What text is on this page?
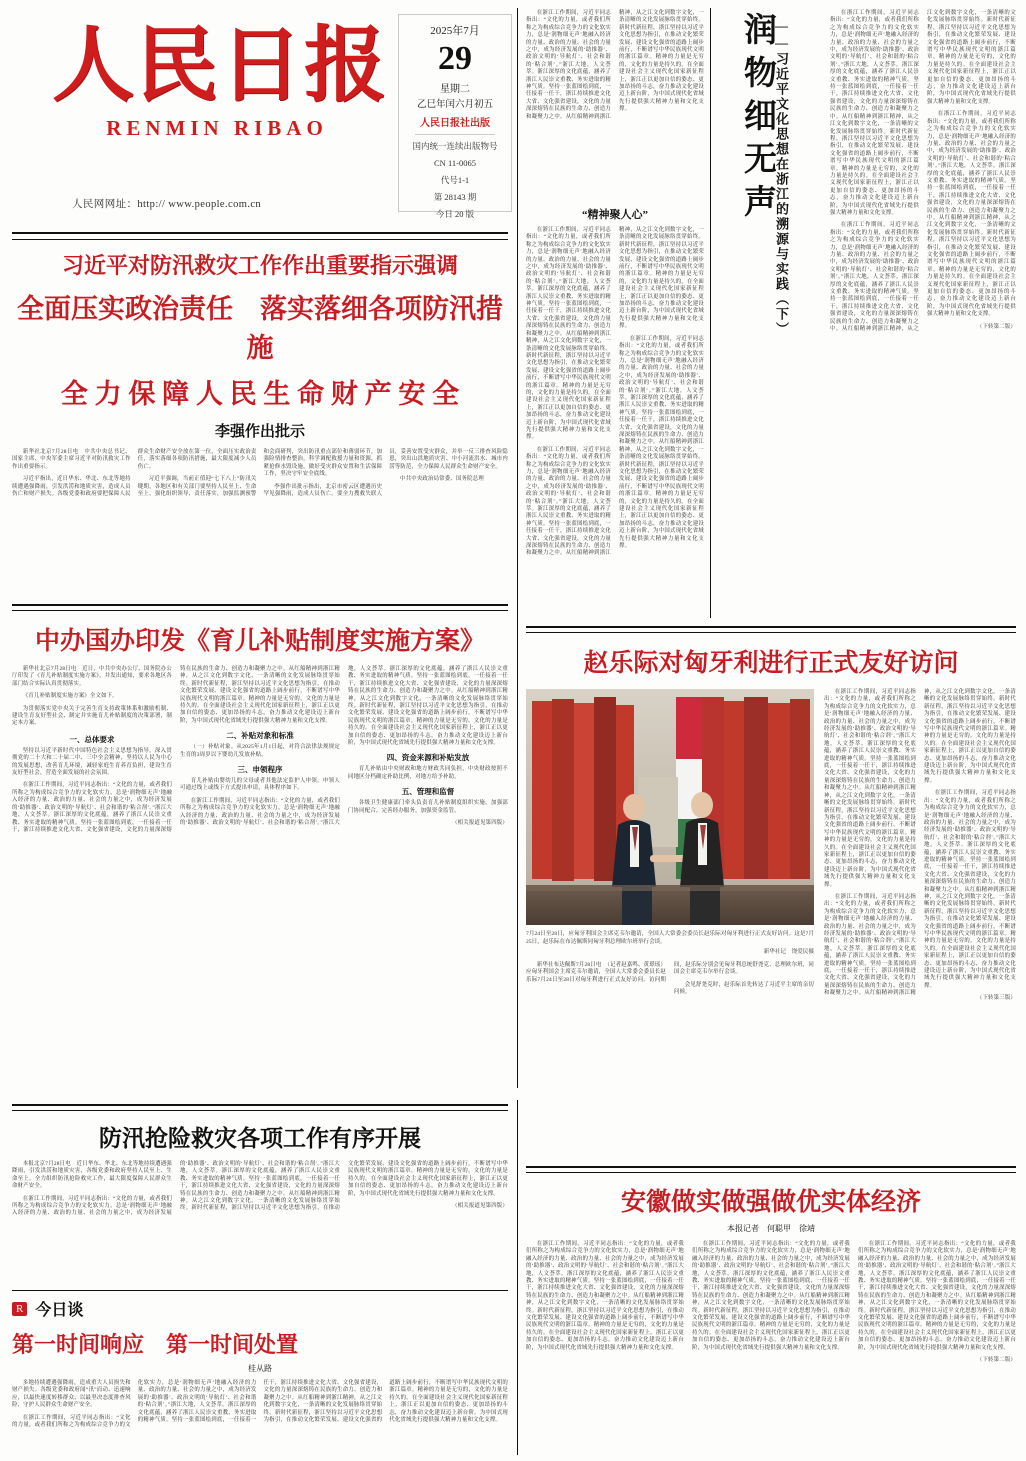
人民日报
RENMIN RIBAO
人民网网址：http:// www.people.com.cn
2025年7月
29
星期二
乙巳年闰六月初五
人民日报社出版
国内统一连续出版物号
CN 11-0065
代号1-1
第 28143 期
今日 20 版
习近平对防汛救灾工作作出重要指示强调
全面压实政治责任　落实落细各项防汛措施
全 力 保 障 人 民 生 命 财 产 安 全
李强作出批示

新华社北京7月28日电　中共中央总书记、国家主席、中央军委主席习近平对防汛救灾工作作出重要指示。

习近平指出，近日华东、华北、东北等地持续遭遇强降雨，引发洪涝和地质灾害，造成人员伤亡和财产损失。各级党委和政府要把保障人民群众生命财产安全放在第一位，全面压实政治责任，落实落细各项防汛措施，最大限度减少人员伤亡。

习近平强调，当前正值迎“七下八上”防汛关键期，各地区和有关部门要坚持人民至上、生命至上，强化组织领导、责任落实，加强监测预警和会商研判，突出防汛重点部位和薄弱环节，加强险情排查整治，科学调配救援力量和资源，抓紧抢修水毁设施，做好受灾群众安置和生活保障工作，坚决守牢安全底线。

李强作出批示指出，北京市密云区遭遇历史罕见强降雨，造成人员伤亡。要全力搜救失联人员，妥善安置受灾群众，并举一反三排查风险隐患，突出山洪地质灾害、中小河流洪水、城市内涝等防范，全力保障人民群众生命财产安全。

中共中央政治局常委、国务院总理

中办国办印发《育儿补贴制度实施方案》

新华社北京7月28日电　近日，中共中央办公厅、国务院办公厅印发了《育儿补贴制度实施方案》，并发出通知，要求各地区各部门结合实际认真贯彻落实。

《育儿补贴制度实施方案》全文如下。

为贯彻落实党中央关于完善生育支持政策体系和激励机制、建设生育友好型社会、制定并实施育儿补贴制度的决策部署，制定本方案。

一、总体要求

坚持以习近平新时代中国特色社会主义思想为指导，深入贯彻党的二十大和二十届二中、三中全会精神，坚持以人民为中心的发展思想，改善育儿环境，减轻家庭生育养育负担，建设生育友好型社会，营造全面发展的社会氛围。

在浙江工作期间，习近平同志指出：“文化的力量，或者我们所称之为构成综合竞争力的文化软实力，总是‘润物细无声’地融入经济的力量、政治的力量、社会的力量之中，成为经济发展的‘助推器’、政治文明的‘导航灯’、社会和谐的‘粘合剂’。”浙江大地，人文荟萃。浙江深厚的文化底蕴，涵养了浙江人民崇文重教、务实进取的精神气质。坚持一张蓝图绘到底，一任接着一任干，浙江持续推进文化大省、文化强省建设，文化的力量深深熔铸在民族的生命力、创造力和凝聚力之中。从红船精神到浙江精神，从之江文化到数字文化，一条清晰的文化发展脉络贯穿始终。新时代新征程，浙江坚持以习近平文化思想为指引，在推动文化繁荣发展、建设文化强省的道路上阔步前行，不断谱写中华民族现代文明的浙江篇章。精神的力量是无穷的，文化的力量是持久的。在全面建设社会主义现代化国家新征程上，浙江正以更加自信的姿态、更加昂扬的斗志，奋力推动文化建设迈上新台阶，为中国式现代化省域先行提供强大精神力量和文化支撑。

二、补贴对象和标准

（一）补贴对象。从2025年1月1日起，对符合法律法规规定生育的3周岁以下婴幼儿发放补贴。

三、申领程序

育儿补贴由婴幼儿的父母或者其他法定监护人申领。申领人可通过线上或线下方式提出申请，具体程序如下。

在浙江工作期间，习近平同志指出：“文化的力量，或者我们所称之为构成综合竞争力的文化软实力，总是‘润物细无声’地融入经济的力量、政治的力量、社会的力量之中，成为经济发展的‘助推器’、政治文明的‘导航灯’、社会和谐的‘粘合剂’。”浙江大地，人文荟萃。浙江深厚的文化底蕴，涵养了浙江人民崇文重教、务实进取的精神气质。坚持一张蓝图绘到底，一任接着一任干，浙江持续推进文化大省、文化强省建设，文化的力量深深熔铸在民族的生命力、创造力和凝聚力之中。从红船精神到浙江精神，从之江文化到数字文化，一条清晰的文化发展脉络贯穿始终。新时代新征程，浙江坚持以习近平文化思想为指引，在推动文化繁荣发展、建设文化强省的道路上阔步前行，不断谱写中华民族现代文明的浙江篇章。精神的力量是无穷的，文化的力量是持久的。在全面建设社会主义现代化国家新征程上，浙江正以更加自信的姿态、更加昂扬的斗志，奋力推动文化建设迈上新台阶，为中国式现代化省域先行提供强大精神力量和文化支撑。

四、资金来源和补贴发放

育儿补贴由中央财政和地方财政共同负担，中央财政按照不同地区分档确定补助比例，对地方给予补助。

五、管理和监督

各级卫生健康部门牵头负责育儿补贴制度组织实施，加强部门协同配合，完善经办服务，加强资金监管。

（相关报道见第四版）

防汛抢险救灾各项工作有序开展

本报北京7月28日电　近日华东、华北、东北等地持续遭遇强降雨，引发洪涝和地质灾害，各级党委和政府坚持人民至上、生命至上，全力组织防汛抢险救灾工作，最大限度保障人民群众生命财产安全。

在浙江工作期间，习近平同志指出：“文化的力量，或者我们所称之为构成综合竞争力的文化软实力，总是‘润物细无声’地融入经济的力量、政治的力量、社会的力量之中，成为经济发展的‘助推器’、政治文明的‘导航灯’、社会和谐的‘粘合剂’。”浙江大地，人文荟萃。浙江深厚的文化底蕴，涵养了浙江人民崇文重教、务实进取的精神气质。坚持一张蓝图绘到底，一任接着一任干，浙江持续推进文化大省、文化强省建设，文化的力量深深熔铸在民族的生命力、创造力和凝聚力之中。从红船精神到浙江精神，从之江文化到数字文化，一条清晰的文化发展脉络贯穿始终。新时代新征程，浙江坚持以习近平文化思想为指引，在推动文化繁荣发展、建设文化强省的道路上阔步前行，不断谱写中华民族现代文明的浙江篇章。精神的力量是无穷的，文化的力量是持久的。在全面建设社会主义现代化国家新征程上，浙江正以更加自信的姿态、更加昂扬的斗志，奋力推动文化建设迈上新台阶，为中国式现代化省域先行提供强大精神力量和文化支撑。

（相关报道见第四版）

R 今日谈
第一时间响应　第一时间处置
桂从路

多地持续遭遇强降雨，造成重大人员损失和财产损失。各级党委和政府闻“汛”而动、迅速响应，以最快速度转移群众、以最坚决态度排查风险，守护人民群众生命财产安全。

在浙江工作期间，习近平同志指出：“文化的力量，或者我们所称之为构成综合竞争力的文化软实力，总是‘润物细无声’地融入经济的力量、政治的力量、社会的力量之中，成为经济发展的‘助推器’、政治文明的‘导航灯’、社会和谐的‘粘合剂’。”浙江大地，人文荟萃。浙江深厚的文化底蕴，涵养了浙江人民崇文重教、务实进取的精神气质。坚持一张蓝图绘到底，一任接着一任干，浙江持续推进文化大省、文化强省建设，文化的力量深深熔铸在民族的生命力、创造力和凝聚力之中。从红船精神到浙江精神，从之江文化到数字文化，一条清晰的文化发展脉络贯穿始终。新时代新征程，浙江坚持以习近平文化思想为指引，在推动文化繁荣发展、建设文化强省的道路上阔步前行，不断谱写中华民族现代文明的浙江篇章。精神的力量是无穷的，文化的力量是持久的。在全面建设社会主义现代化国家新征程上，浙江正以更加自信的姿态、更加昂扬的斗志，奋力推动文化建设迈上新台阶，为中国式现代化省域先行提供强大精神力量和文化支撑。

在浙江工作期间，习近平同志指出：“文化的力量，或者我们所称之为构成综合竞争力的文化软实力，总是‘润物细无声’地融入经济的力量、政治的力量、社会的力量之中，成为经济发展的‘助推器’、政治文明的‘导航灯’、社会和谐的‘粘合剂’。”浙江大地，人文荟萃。浙江深厚的文化底蕴，涵养了浙江人民崇文重教、务实进取的精神气质。坚持一张蓝图绘到底，一任接着一任干，浙江持续推进文化大省、文化强省建设，文化的力量深深熔铸在民族的生命力、创造力和凝聚力之中。从红船精神到浙江精神，从之江文化到数字文化，一条清晰的文化发展脉络贯穿始终。新时代新征程，浙江坚持以习近平文化思想为指引，在推动文化繁荣发展、建设文化强省的道路上阔步前行，不断谱写中华民族现代文明的浙江篇章。精神的力量是无穷的，文化的力量是持久的。在全面建设社会主义现代化国家新征程上，浙江正以更加自信的姿态、更加昂扬的斗志，奋力推动文化建设迈上新台阶，为中国式现代化省域先行提供强大精神力量和文化支撑。

“精神聚人心”

在浙江工作期间，习近平同志指出：“文化的力量，或者我们所称之为构成综合竞争力的文化软实力，总是‘润物细无声’地融入经济的力量、政治的力量、社会的力量之中，成为经济发展的‘助推器’、政治文明的‘导航灯’、社会和谐的‘粘合剂’。”浙江大地，人文荟萃。浙江深厚的文化底蕴，涵养了浙江人民崇文重教、务实进取的精神气质。坚持一张蓝图绘到底，一任接着一任干，浙江持续推进文化大省、文化强省建设，文化的力量深深熔铸在民族的生命力、创造力和凝聚力之中。从红船精神到浙江精神，从之江文化到数字文化，一条清晰的文化发展脉络贯穿始终。新时代新征程，浙江坚持以习近平文化思想为指引，在推动文化繁荣发展、建设文化强省的道路上阔步前行，不断谱写中华民族现代文明的浙江篇章。精神的力量是无穷的，文化的力量是持久的。在全面建设社会主义现代化国家新征程上，浙江正以更加自信的姿态、更加昂扬的斗志，奋力推动文化建设迈上新台阶，为中国式现代化省域先行提供强大精神力量和文化支撑。

在浙江工作期间，习近平同志指出：“文化的力量，或者我们所称之为构成综合竞争力的文化软实力，总是‘润物细无声’地融入经济的力量、政治的力量、社会的力量之中，成为经济发展的‘助推器’、政治文明的‘导航灯’、社会和谐的‘粘合剂’。”浙江大地，人文荟萃。浙江深厚的文化底蕴，涵养了浙江人民崇文重教、务实进取的精神气质。坚持一张蓝图绘到底，一任接着一任干，浙江持续推进文化大省、文化强省建设，文化的力量深深熔铸在民族的生命力、创造力和凝聚力之中。从红船精神到浙江精神，从之江文化到数字文化，一条清晰的文化发展脉络贯穿始终。新时代新征程，浙江坚持以习近平文化思想为指引，在推动文化繁荣发展、建设文化强省的道路上阔步前行，不断谱写中华民族现代文明的浙江篇章。精神的力量是无穷的，文化的力量是持久的。在全面建设社会主义现代化国家新征程上，浙江正以更加自信的姿态、更加昂扬的斗志，奋力推动文化建设迈上新台阶，为中国式现代化省域先行提供强大精神力量和文化支撑。

在浙江工作期间，习近平同志指出：“文化的力量，或者我们所称之为构成综合竞争力的文化软实力，总是‘润物细无声’地融入经济的力量、政治的力量、社会的力量之中，成为经济发展的‘助推器’、政治文明的‘导航灯’、社会和谐的‘粘合剂’。”浙江大地，人文荟萃。浙江深厚的文化底蕴，涵养了浙江人民崇文重教、务实进取的精神气质。坚持一张蓝图绘到底，一任接着一任干，浙江持续推进文化大省、文化强省建设，文化的力量深深熔铸在民族的生命力、创造力和凝聚力之中。从红船精神到浙江精神，从之江文化到数字文化，一条清晰的文化发展脉络贯穿始终。新时代新征程，浙江坚持以习近平文化思想为指引，在推动文化繁荣发展、建设文化强省的道路上阔步前行，不断谱写中华民族现代文明的浙江篇章。精神的力量是无穷的，文化的力量是持久的。在全面建设社会主义现代化国家新征程上，浙江正以更加自信的姿态、更加昂扬的斗志，奋力推动文化建设迈上新台阶，为中国式现代化省域先行提供强大精神力量和文化支撑。

润物细无声 ——习近平文化思想在浙江的溯源与实践（下）

在浙江工作期间，习近平同志指出：“文化的力量，或者我们所称之为构成综合竞争力的文化软实力，总是‘润物细无声’地融入经济的力量、政治的力量、社会的力量之中，成为经济发展的‘助推器’、政治文明的‘导航灯’、社会和谐的‘粘合剂’。”浙江大地，人文荟萃。浙江深厚的文化底蕴，涵养了浙江人民崇文重教、务实进取的精神气质。坚持一张蓝图绘到底，一任接着一任干，浙江持续推进文化大省、文化强省建设，文化的力量深深熔铸在民族的生命力、创造力和凝聚力之中。从红船精神到浙江精神，从之江文化到数字文化，一条清晰的文化发展脉络贯穿始终。新时代新征程，浙江坚持以习近平文化思想为指引，在推动文化繁荣发展、建设文化强省的道路上阔步前行，不断谱写中华民族现代文明的浙江篇章。精神的力量是无穷的，文化的力量是持久的。在全面建设社会主义现代化国家新征程上，浙江正以更加自信的姿态、更加昂扬的斗志，奋力推动文化建设迈上新台阶，为中国式现代化省域先行提供强大精神力量和文化支撑。

在浙江工作期间，习近平同志指出：“文化的力量，或者我们所称之为构成综合竞争力的文化软实力，总是‘润物细无声’地融入经济的力量、政治的力量、社会的力量之中，成为经济发展的‘助推器’、政治文明的‘导航灯’、社会和谐的‘粘合剂’。”浙江大地，人文荟萃。浙江深厚的文化底蕴，涵养了浙江人民崇文重教、务实进取的精神气质。坚持一张蓝图绘到底，一任接着一任干，浙江持续推进文化大省、文化强省建设，文化的力量深深熔铸在民族的生命力、创造力和凝聚力之中。从红船精神到浙江精神，从之江文化到数字文化，一条清晰的文化发展脉络贯穿始终。新时代新征程，浙江坚持以习近平文化思想为指引，在推动文化繁荣发展、建设文化强省的道路上阔步前行，不断谱写中华民族现代文明的浙江篇章。精神的力量是无穷的，文化的力量是持久的。在全面建设社会主义现代化国家新征程上，浙江正以更加自信的姿态、更加昂扬的斗志，奋力推动文化建设迈上新台阶，为中国式现代化省域先行提供强大精神力量和文化支撑。

在浙江工作期间，习近平同志指出：“文化的力量，或者我们所称之为构成综合竞争力的文化软实力，总是‘润物细无声’地融入经济的力量、政治的力量、社会的力量之中，成为经济发展的‘助推器’、政治文明的‘导航灯’、社会和谐的‘粘合剂’。”浙江大地，人文荟萃。浙江深厚的文化底蕴，涵养了浙江人民崇文重教、务实进取的精神气质。坚持一张蓝图绘到底，一任接着一任干，浙江持续推进文化大省、文化强省建设，文化的力量深深熔铸在民族的生命力、创造力和凝聚力之中。从红船精神到浙江精神，从之江文化到数字文化，一条清晰的文化发展脉络贯穿始终。新时代新征程，浙江坚持以习近平文化思想为指引，在推动文化繁荣发展、建设文化强省的道路上阔步前行，不断谱写中华民族现代文明的浙江篇章。精神的力量是无穷的，文化的力量是持久的。在全面建设社会主义现代化国家新征程上，浙江正以更加自信的姿态、更加昂扬的斗志，奋力推动文化建设迈上新台阶，为中国式现代化省域先行提供强大精神力量和文化支撑。

（下转第二版）

赵乐际对匈牙利进行正式友好访问
7月24日至28日，应匈牙利国会主席克韦尔邀请，全国人大常委会委员长赵乐际对匈牙利进行正式友好访问。这是7月25日，赵乐际在布达佩斯同匈牙利总理欧尔班举行会谈。
新华社记　饶爱民摄

新华社布达佩斯7月28日电　（记者赵嘉鸣、黄璟瑶）应匈牙利国会主席克韦尔邀请，全国人大常委会委员长赵乐际7月24日至28日对匈牙利进行正式友好访问。访问期间，赵乐际分别会见匈牙利总统舒尧克、总理欧尔班，同国会主席克韦尔举行会谈。

会见舒尧克时，赵乐际首先转达了习近平主席的亲切问候。

在浙江工作期间，习近平同志指出：“文化的力量，或者我们所称之为构成综合竞争力的文化软实力，总是‘润物细无声’地融入经济的力量、政治的力量、社会的力量之中，成为经济发展的‘助推器’、政治文明的‘导航灯’、社会和谐的‘粘合剂’。”浙江大地，人文荟萃。浙江深厚的文化底蕴，涵养了浙江人民崇文重教、务实进取的精神气质。坚持一张蓝图绘到底，一任接着一任干，浙江持续推进文化大省、文化强省建设，文化的力量深深熔铸在民族的生命力、创造力和凝聚力之中。从红船精神到浙江精神，从之江文化到数字文化，一条清晰的文化发展脉络贯穿始终。新时代新征程，浙江坚持以习近平文化思想为指引，在推动文化繁荣发展、建设文化强省的道路上阔步前行，不断谱写中华民族现代文明的浙江篇章。精神的力量是无穷的，文化的力量是持久的。在全面建设社会主义现代化国家新征程上，浙江正以更加自信的姿态、更加昂扬的斗志，奋力推动文化建设迈上新台阶，为中国式现代化省域先行提供强大精神力量和文化支撑。

在浙江工作期间，习近平同志指出：“文化的力量，或者我们所称之为构成综合竞争力的文化软实力，总是‘润物细无声’地融入经济的力量、政治的力量、社会的力量之中，成为经济发展的‘助推器’、政治文明的‘导航灯’、社会和谐的‘粘合剂’。”浙江大地，人文荟萃。浙江深厚的文化底蕴，涵养了浙江人民崇文重教、务实进取的精神气质。坚持一张蓝图绘到底，一任接着一任干，浙江持续推进文化大省、文化强省建设，文化的力量深深熔铸在民族的生命力、创造力和凝聚力之中。从红船精神到浙江精神，从之江文化到数字文化，一条清晰的文化发展脉络贯穿始终。新时代新征程，浙江坚持以习近平文化思想为指引，在推动文化繁荣发展、建设文化强省的道路上阔步前行，不断谱写中华民族现代文明的浙江篇章。精神的力量是无穷的，文化的力量是持久的。在全面建设社会主义现代化国家新征程上，浙江正以更加自信的姿态、更加昂扬的斗志，奋力推动文化建设迈上新台阶，为中国式现代化省域先行提供强大精神力量和文化支撑。

在浙江工作期间，习近平同志指出：“文化的力量，或者我们所称之为构成综合竞争力的文化软实力，总是‘润物细无声’地融入经济的力量、政治的力量、社会的力量之中，成为经济发展的‘助推器’、政治文明的‘导航灯’、社会和谐的‘粘合剂’。”浙江大地，人文荟萃。浙江深厚的文化底蕴，涵养了浙江人民崇文重教、务实进取的精神气质。坚持一张蓝图绘到底，一任接着一任干，浙江持续推进文化大省、文化强省建设，文化的力量深深熔铸在民族的生命力、创造力和凝聚力之中。从红船精神到浙江精神，从之江文化到数字文化，一条清晰的文化发展脉络贯穿始终。新时代新征程，浙江坚持以习近平文化思想为指引，在推动文化繁荣发展、建设文化强省的道路上阔步前行，不断谱写中华民族现代文明的浙江篇章。精神的力量是无穷的，文化的力量是持久的。在全面建设社会主义现代化国家新征程上，浙江正以更加自信的姿态、更加昂扬的斗志，奋力推动文化建设迈上新台阶，为中国式现代化省域先行提供强大精神力量和文化支撑。

（下转第三版）

安徽做实做强做优实体经济
本报记者　何聪甲　徐靖

在浙江工作期间，习近平同志指出：“文化的力量，或者我们所称之为构成综合竞争力的文化软实力，总是‘润物细无声’地融入经济的力量、政治的力量、社会的力量之中，成为经济发展的‘助推器’、政治文明的‘导航灯’、社会和谐的‘粘合剂’。”浙江大地，人文荟萃。浙江深厚的文化底蕴，涵养了浙江人民崇文重教、务实进取的精神气质。坚持一张蓝图绘到底，一任接着一任干，浙江持续推进文化大省、文化强省建设，文化的力量深深熔铸在民族的生命力、创造力和凝聚力之中。从红船精神到浙江精神，从之江文化到数字文化，一条清晰的文化发展脉络贯穿始终。新时代新征程，浙江坚持以习近平文化思想为指引，在推动文化繁荣发展、建设文化强省的道路上阔步前行，不断谱写中华民族现代文明的浙江篇章。精神的力量是无穷的，文化的力量是持久的。在全面建设社会主义现代化国家新征程上，浙江正以更加自信的姿态、更加昂扬的斗志，奋力推动文化建设迈上新台阶，为中国式现代化省域先行提供强大精神力量和文化支撑。

在浙江工作期间，习近平同志指出：“文化的力量，或者我们所称之为构成综合竞争力的文化软实力，总是‘润物细无声’地融入经济的力量、政治的力量、社会的力量之中，成为经济发展的‘助推器’、政治文明的‘导航灯’、社会和谐的‘粘合剂’。”浙江大地，人文荟萃。浙江深厚的文化底蕴，涵养了浙江人民崇文重教、务实进取的精神气质。坚持一张蓝图绘到底，一任接着一任干，浙江持续推进文化大省、文化强省建设，文化的力量深深熔铸在民族的生命力、创造力和凝聚力之中。从红船精神到浙江精神，从之江文化到数字文化，一条清晰的文化发展脉络贯穿始终。新时代新征程，浙江坚持以习近平文化思想为指引，在推动文化繁荣发展、建设文化强省的道路上阔步前行，不断谱写中华民族现代文明的浙江篇章。精神的力量是无穷的，文化的力量是持久的。在全面建设社会主义现代化国家新征程上，浙江正以更加自信的姿态、更加昂扬的斗志，奋力推动文化建设迈上新台阶，为中国式现代化省域先行提供强大精神力量和文化支撑。

在浙江工作期间，习近平同志指出：“文化的力量，或者我们所称之为构成综合竞争力的文化软实力，总是‘润物细无声’地融入经济的力量、政治的力量、社会的力量之中，成为经济发展的‘助推器’、政治文明的‘导航灯’、社会和谐的‘粘合剂’。”浙江大地，人文荟萃。浙江深厚的文化底蕴，涵养了浙江人民崇文重教、务实进取的精神气质。坚持一张蓝图绘到底，一任接着一任干，浙江持续推进文化大省、文化强省建设，文化的力量深深熔铸在民族的生命力、创造力和凝聚力之中。从红船精神到浙江精神，从之江文化到数字文化，一条清晰的文化发展脉络贯穿始终。新时代新征程，浙江坚持以习近平文化思想为指引，在推动文化繁荣发展、建设文化强省的道路上阔步前行，不断谱写中华民族现代文明的浙江篇章。精神的力量是无穷的，文化的力量是持久的。在全面建设社会主义现代化国家新征程上，浙江正以更加自信的姿态、更加昂扬的斗志，奋力推动文化建设迈上新台阶，为中国式现代化省域先行提供强大精神力量和文化支撑。

（下转第二版）
